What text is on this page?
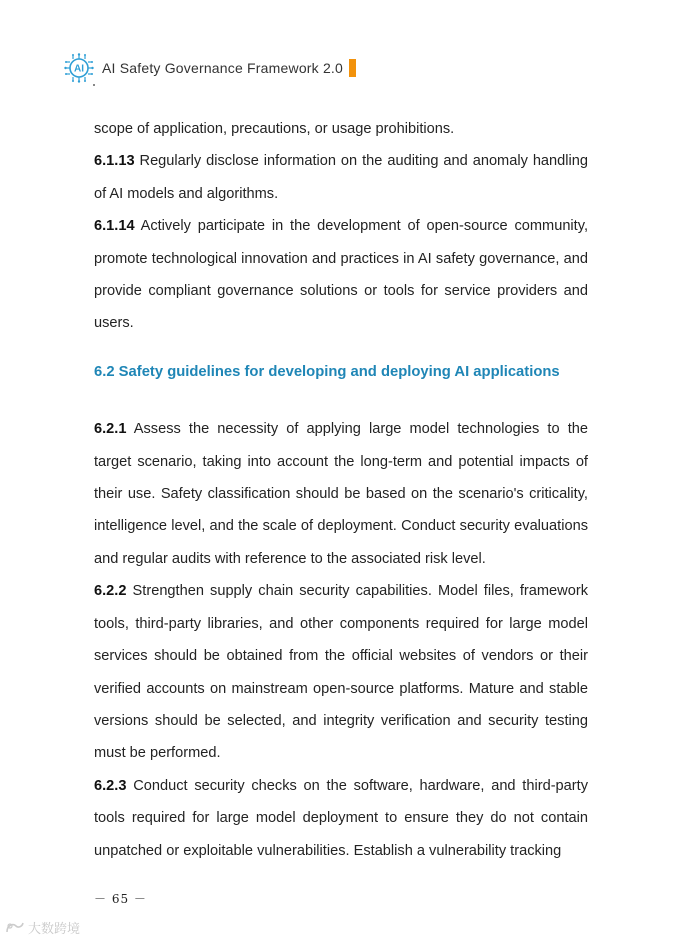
AI AI Safety Governance Framework 2.0

scope of application, precautions, or usage prohibitions.

6.1.13 Regularly disclose information on the auditing and anomaly handling of AI models and algorithms.

6.1.14 Actively participate in the development of open-source community, promote technological innovation and practices in AI safety governance, and provide compliant governance solutions or tools for service providers and users.

6.2 Safety guidelines for developing and deploying AI applications

6.2.1 Assess the necessity of applying large model technologies to the target scenario, taking into account the long-term and potential impacts of their use. Safety classification should be based on the scenario's criticality, intelligence level, and the scale of deployment. Conduct security evaluations and regular audits with reference to the associated risk level.

6.2.2 Strengthen supply chain security capabilities. Model files, framework tools, third-party libraries, and other components required for large model services should be obtained from the official websites of vendors or their verified accounts on mainstream open-source platforms. Mature and stable versions should be selected, and integrity verification and security testing must be performed.

6.2.3 Conduct security checks on the software, hardware, and third-party tools required for large model deployment to ensure they do not contain unpatched or exploitable vulnerabilities. Establish a vulnerability tracking

－ 65 －
大数跨境
